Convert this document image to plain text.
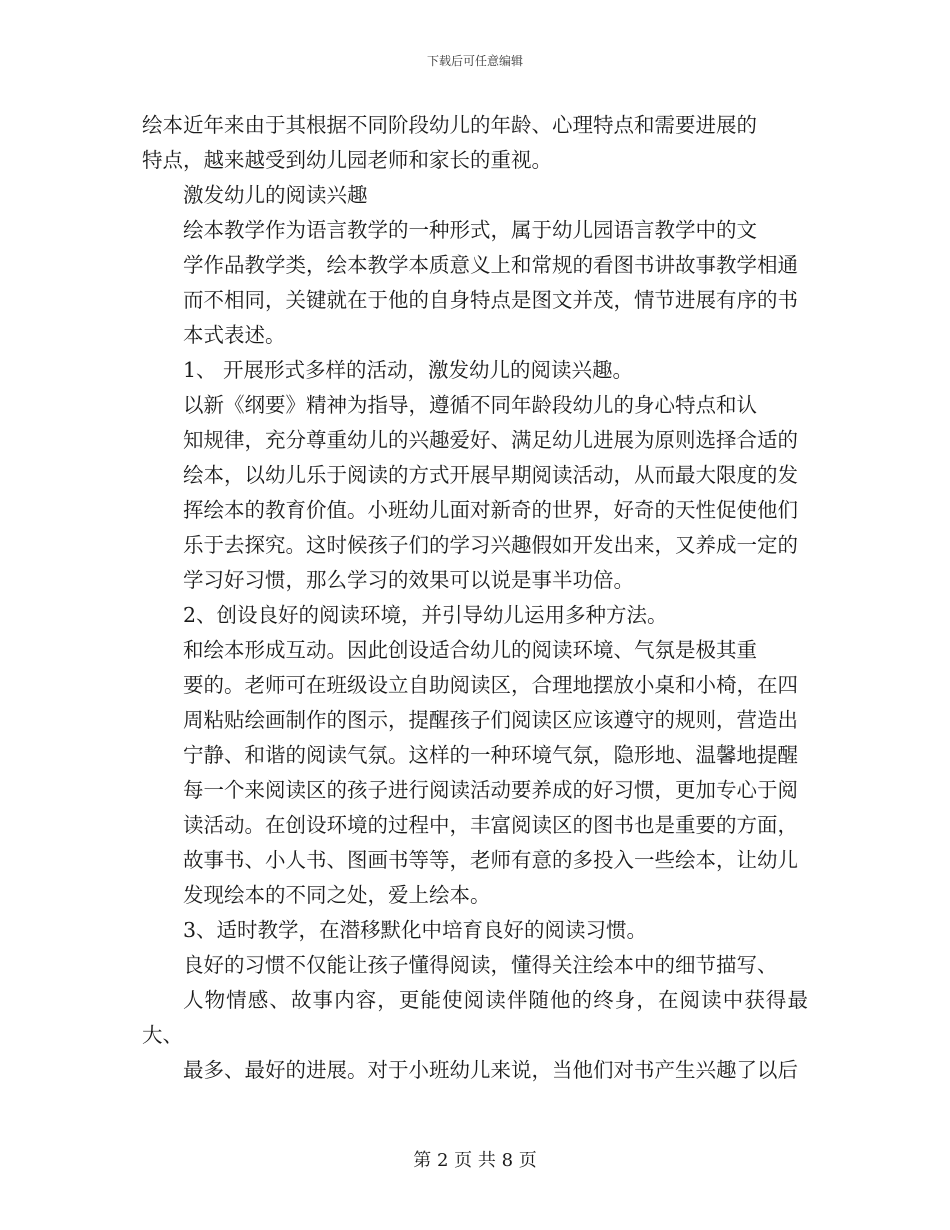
下载后可任意编辑

绘本近年来由于其根据不同阶段幼儿的年龄、心理特点和需要进展的
特点，越来越受到幼儿园老师和家长的重视。

激发幼儿的阅读兴趣

绘本教学作为语言教学的一种形式，属于幼儿园语言教学中的文
学作品教学类，绘本教学本质意义上和常规的看图书讲故事教学相通
而不相同，关键就在于他的自身特点是图文并茂，情节进展有序的书
本式表述。

1、 开展形式多样的活动，激发幼儿的阅读兴趣。

以新《纲要》精神为指导，遵循不同年龄段幼儿的身心特点和认
知规律，充分尊重幼儿的兴趣爱好、满足幼儿进展为原则选择合适的
绘本，以幼儿乐于阅读的方式开展早期阅读活动，从而最大限度的发
挥绘本的教育价值。小班幼儿面对新奇的世界，好奇的天性促使他们
乐于去探究。这时候孩子们的学习兴趣假如开发出来，又养成一定的
学习好习惯，那么学习的效果可以说是事半功倍。

2、创设良好的阅读环境，并引导幼儿运用多种方法。

和绘本形成互动。因此创设适合幼儿的阅读环境、气氛是极其重
要的。老师可在班级设立自助阅读区，合理地摆放小桌和小椅，在四
周粘贴绘画制作的图示，提醒孩子们阅读区应该遵守的规则，营造出
宁静、和谐的阅读气氛。这样的一种环境气氛，隐形地、温馨地提醒
每一个来阅读区的孩子进行阅读活动要养成的好习惯，更加专心于阅
读活动。在创设环境的过程中，丰富阅读区的图书也是重要的方面，
故事书、小人书、图画书等等，老师有意的多投入一些绘本，让幼儿
发现绘本的不同之处，爱上绘本。

3、适时教学，在潜移默化中培育良好的阅读习惯。

良好的习惯不仅能让孩子懂得阅读，懂得关注绘本中的细节描写、
人物情感、故事内容，更能使阅读伴随他的终身，在阅读中获得最大、
最多、最好的进展。对于小班幼儿来说，当他们对书产生兴趣了以后

第 2 页 共 8 页
